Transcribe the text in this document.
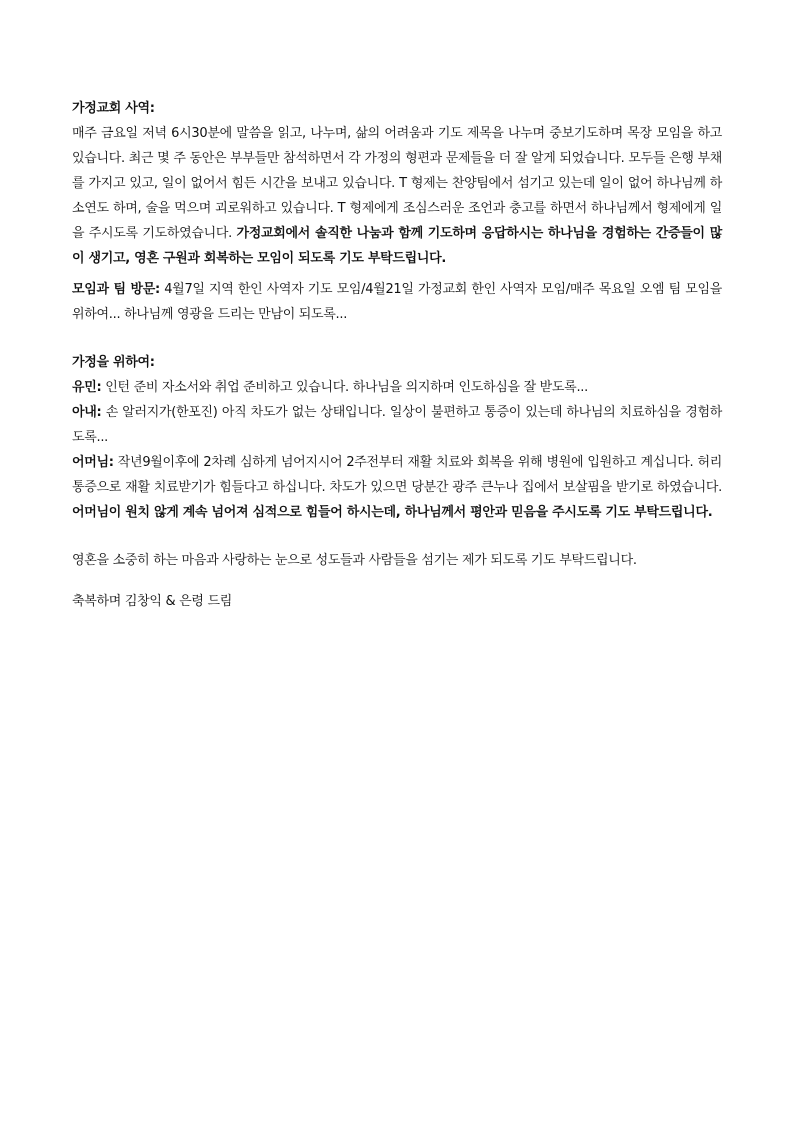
가정교회 사역:
매주 금요일 저녁 6시30분에 말씀을 읽고, 나누며, 삶의 어려움과 기도 제목을 나누며 중보기도하며 목장 모임을 하고 있습니다. 최근 몇 주 동안은 부부들만 참석하면서 각 가정의 형편과 문제들을 더 잘 알게 되었습니다. 모두들 은행 부채를 가지고 있고, 일이 없어서 힘든 시간을 보내고 있습니다. T 형제는 찬양팀에서 섬기고 있는데 일이 없어 하나님께 하소연도 하며, 술을 먹으며 괴로워하고 있습니다. T 형제에게 조심스러운 조언과 충고를 하면서 하나님께서 형제에게 일을 주시도록 기도하였습니다. 가정교회에서 솔직한 나눔과 함께 기도하며 응답하시는 하나님을 경험하는 간증들이 많이 생기고, 영혼 구원과 회복하는 모임이 되도록 기도 부탁드립니다.

모임과 팀 방문: 4월7일 지역 한인 사역자 기도 모임/4월21일 가정교회 한인 사역자 모임/매주 목요일 오엠 팀 모임을 위하여... 하나님께 영광을 드리는 만남이 되도록...

가정을 위하여:
유민: 인턴 준비 자소서와 취업 준비하고 있습니다. 하나님을 의지하며 인도하심을 잘 받도록...
아내: 손 알러지가(한포진) 아직 차도가 없는 상태입니다. 일상이 불편하고 통증이 있는데 하나님의 치료하심을 경험하도록...
어머님: 작년9월이후에 2차례 심하게 넘어지시어 2주전부터 재활 치료와 회복을 위해 병원에 입원하고 계십니다. 허리 통증으로 재활 치료받기가 힘들다고 하십니다. 차도가 있으면 당분간 광주 큰누나 집에서 보살핌을 받기로 하였습니다. 어머님이 원치 않게 계속 넘어져 심적으로 힘들어 하시는데, 하나님께서 평안과 믿음을 주시도록 기도 부탁드립니다.

영혼을 소중히 하는 마음과 사랑하는 눈으로 성도들과 사람들을 섬기는 제가 되도록 기도 부탁드립니다.

축복하며 김창익 & 은령 드림
